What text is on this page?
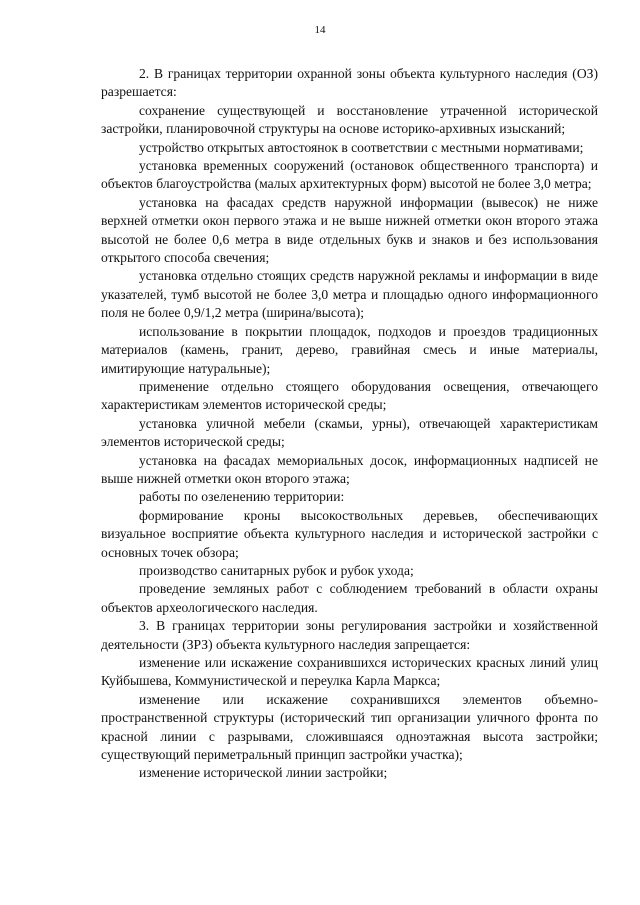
14

2. В границах территории охранной зоны объекта культурного наследия (ОЗ) разрешается:

сохранение существующей и восстановление утраченной исторической застройки, планировочной структуры на основе историко-архивных изысканий;

устройство открытых автостоянок в соответствии с местными нормативами;

установка временных сооружений (остановок общественного транспорта) и объектов благоустройства (малых архитектурных форм) высотой не более 3,0 метра;

установка на фасадах средств наружной информации (вывесок) не ниже верхней отметки окон первого этажа и не выше нижней отметки окон второго этажа высотой не более 0,6 метра в виде отдельных букв и знаков и без использования открытого способа свечения;

установка отдельно стоящих средств наружной рекламы и информации в виде указателей, тумб высотой не более 3,0 метра и площадью одного информационного поля не более 0,9/1,2 метра (ширина/высота);

использование в покрытии площадок, подходов и проездов традиционных материалов (камень, гранит, дерево, гравийная смесь и иные материалы, имитирующие натуральные);

применение отдельно стоящего оборудования освещения, отвечающего характеристикам элементов исторической среды;

установка уличной мебели (скамьи, урны), отвечающей характеристикам элементов исторической среды;

установка на фасадах мемориальных досок, информационных надписей не выше нижней отметки окон второго этажа;

работы по озеленению территории:

формирование кроны высокоствольных деревьев, обеспечивающих визуальное восприятие объекта культурного наследия и исторической застройки с основных точек обзора;

производство санитарных рубок и рубок ухода;

проведение земляных работ с соблюдением требований в области охраны объектов археологического наследия.

3. В границах территории зоны регулирования застройки и хозяйственной деятельности (ЗРЗ) объекта культурного наследия запрещается:

изменение или искажение сохранившихся исторических красных линий улиц Куйбышева, Коммунистической и переулка Карла Маркса;

изменение или искажение сохранившихся элементов объемно-пространственной структуры (исторический тип организации уличного фронта по красной линии с разрывами, сложившаяся одноэтажная высота застройки; существующий периметральный принцип застройки участка);

изменение исторической линии застройки;
